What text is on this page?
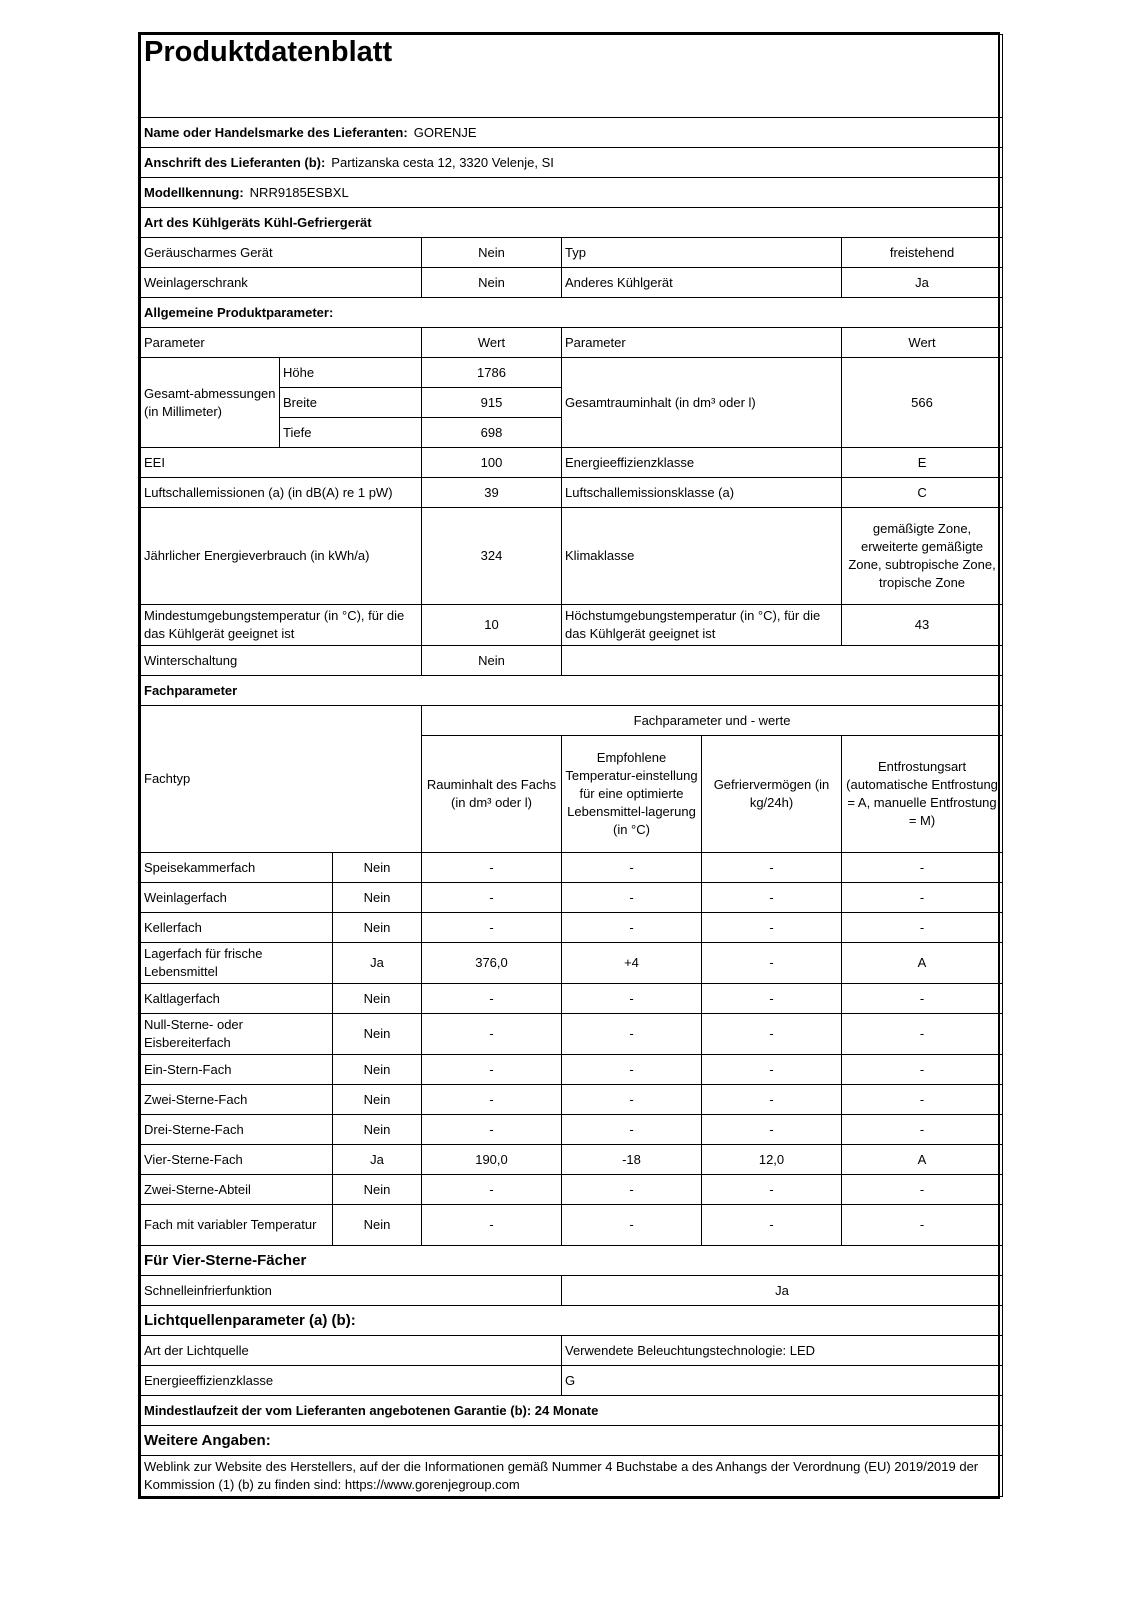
Produktdatenblatt					
Name oder Handelsmarke des Lieferanten: GORENJE					
Anschrift des Lieferanten (b): Partizanska cesta 12, 3320 Velenje, SI					
Modellkennung: NRR9185ESBXL					
Art des Kühlgeräts Kühl-Gefriergerät					
Geräuscharmes Gerät		Nein	Typ		freistehend
Weinlagerschrank		Nein	Anderes Kühlgerät		Ja
Allgemeine Produktparameter:					
Parameter		Wert	Parameter		Wert
Gesamt-abmessungen (in Millimeter)	Höhe	1786	Gesamtrauminhalt (in dm³ oder l)		566
	Breite	915			
	Tiefe	698			
EEI		100	Energieeffizienzklasse		E
Luftschallemissionen (a) (in dB(A) re 1 pW)		39	Luftschallemissionsklasse (a)		C
Jährlicher Energieverbrauch (in kWh/a)		324	Klimaklasse		gemäßigte Zone, erweiterte gemäßigte Zone, subtropische Zone, tropische Zone
Mindestumgebungstemperatur (in °C), für die das Kühlgerät geeignet ist		10	Höchstumgebungstemperatur (in °C), für die das Kühlgerät geeignet ist		43
Winterschaltung		Nein			
Fachparameter					
Fachtyp		Fachparameter und - werte			
		Rauminhalt des Fachs (in dm³ oder l)	Empfohlene Temperatur-einstellung für eine optimierte Lebensmittel-lagerung (in °C)	Gefriervermögen (in kg/24h)	Entfrostungsart (automatische Entfrostung = A, manuelle Entfrostung = M)
Speisekammerfach	Nein	-	-	-	-
Weinlagerfach	Nein	-	-	-	-
Kellerfach	Nein	-	-	-	-
Lagerfach für frische Lebensmittel	Ja	376,0	+4	-	A
Kaltlagerfach	Nein	-	-	-	-
Null-Sterne- oder Eisbereiterfach	Nein	-	-	-	-
Ein-Stern-Fach	Nein	-	-	-	-
Zwei-Sterne-Fach	Nein	-	-	-	-
Drei-Sterne-Fach	Nein	-	-	-	-
Vier-Sterne-Fach	Ja	190,0	-18	12,0	A
Zwei-Sterne-Abteil	Nein	-	-	-	-
Fach mit variabler Temperatur	Nein	-	-	-	-
Für Vier-Sterne-Fächer	
Schnelleinfrierfunktion	Ja
Lichtquellenparameter (a) (b):	
Art der Lichtquelle	Verwendete Beleuchtungstechnologie: LED
Energieeffizienzklasse	G
Mindestlaufzeit der vom Lieferanten angebotenen Garantie (b): 24 Monate	
Weitere Angaben:	
Weblink zur Website des Herstellers, auf der die Informationen gemäß Nummer 4 Buchstabe a des Anhangs der Verordnung (EU) 2019/2019 der Kommission (1) (b) zu finden sind: https://www.gorenjegroup.com	
